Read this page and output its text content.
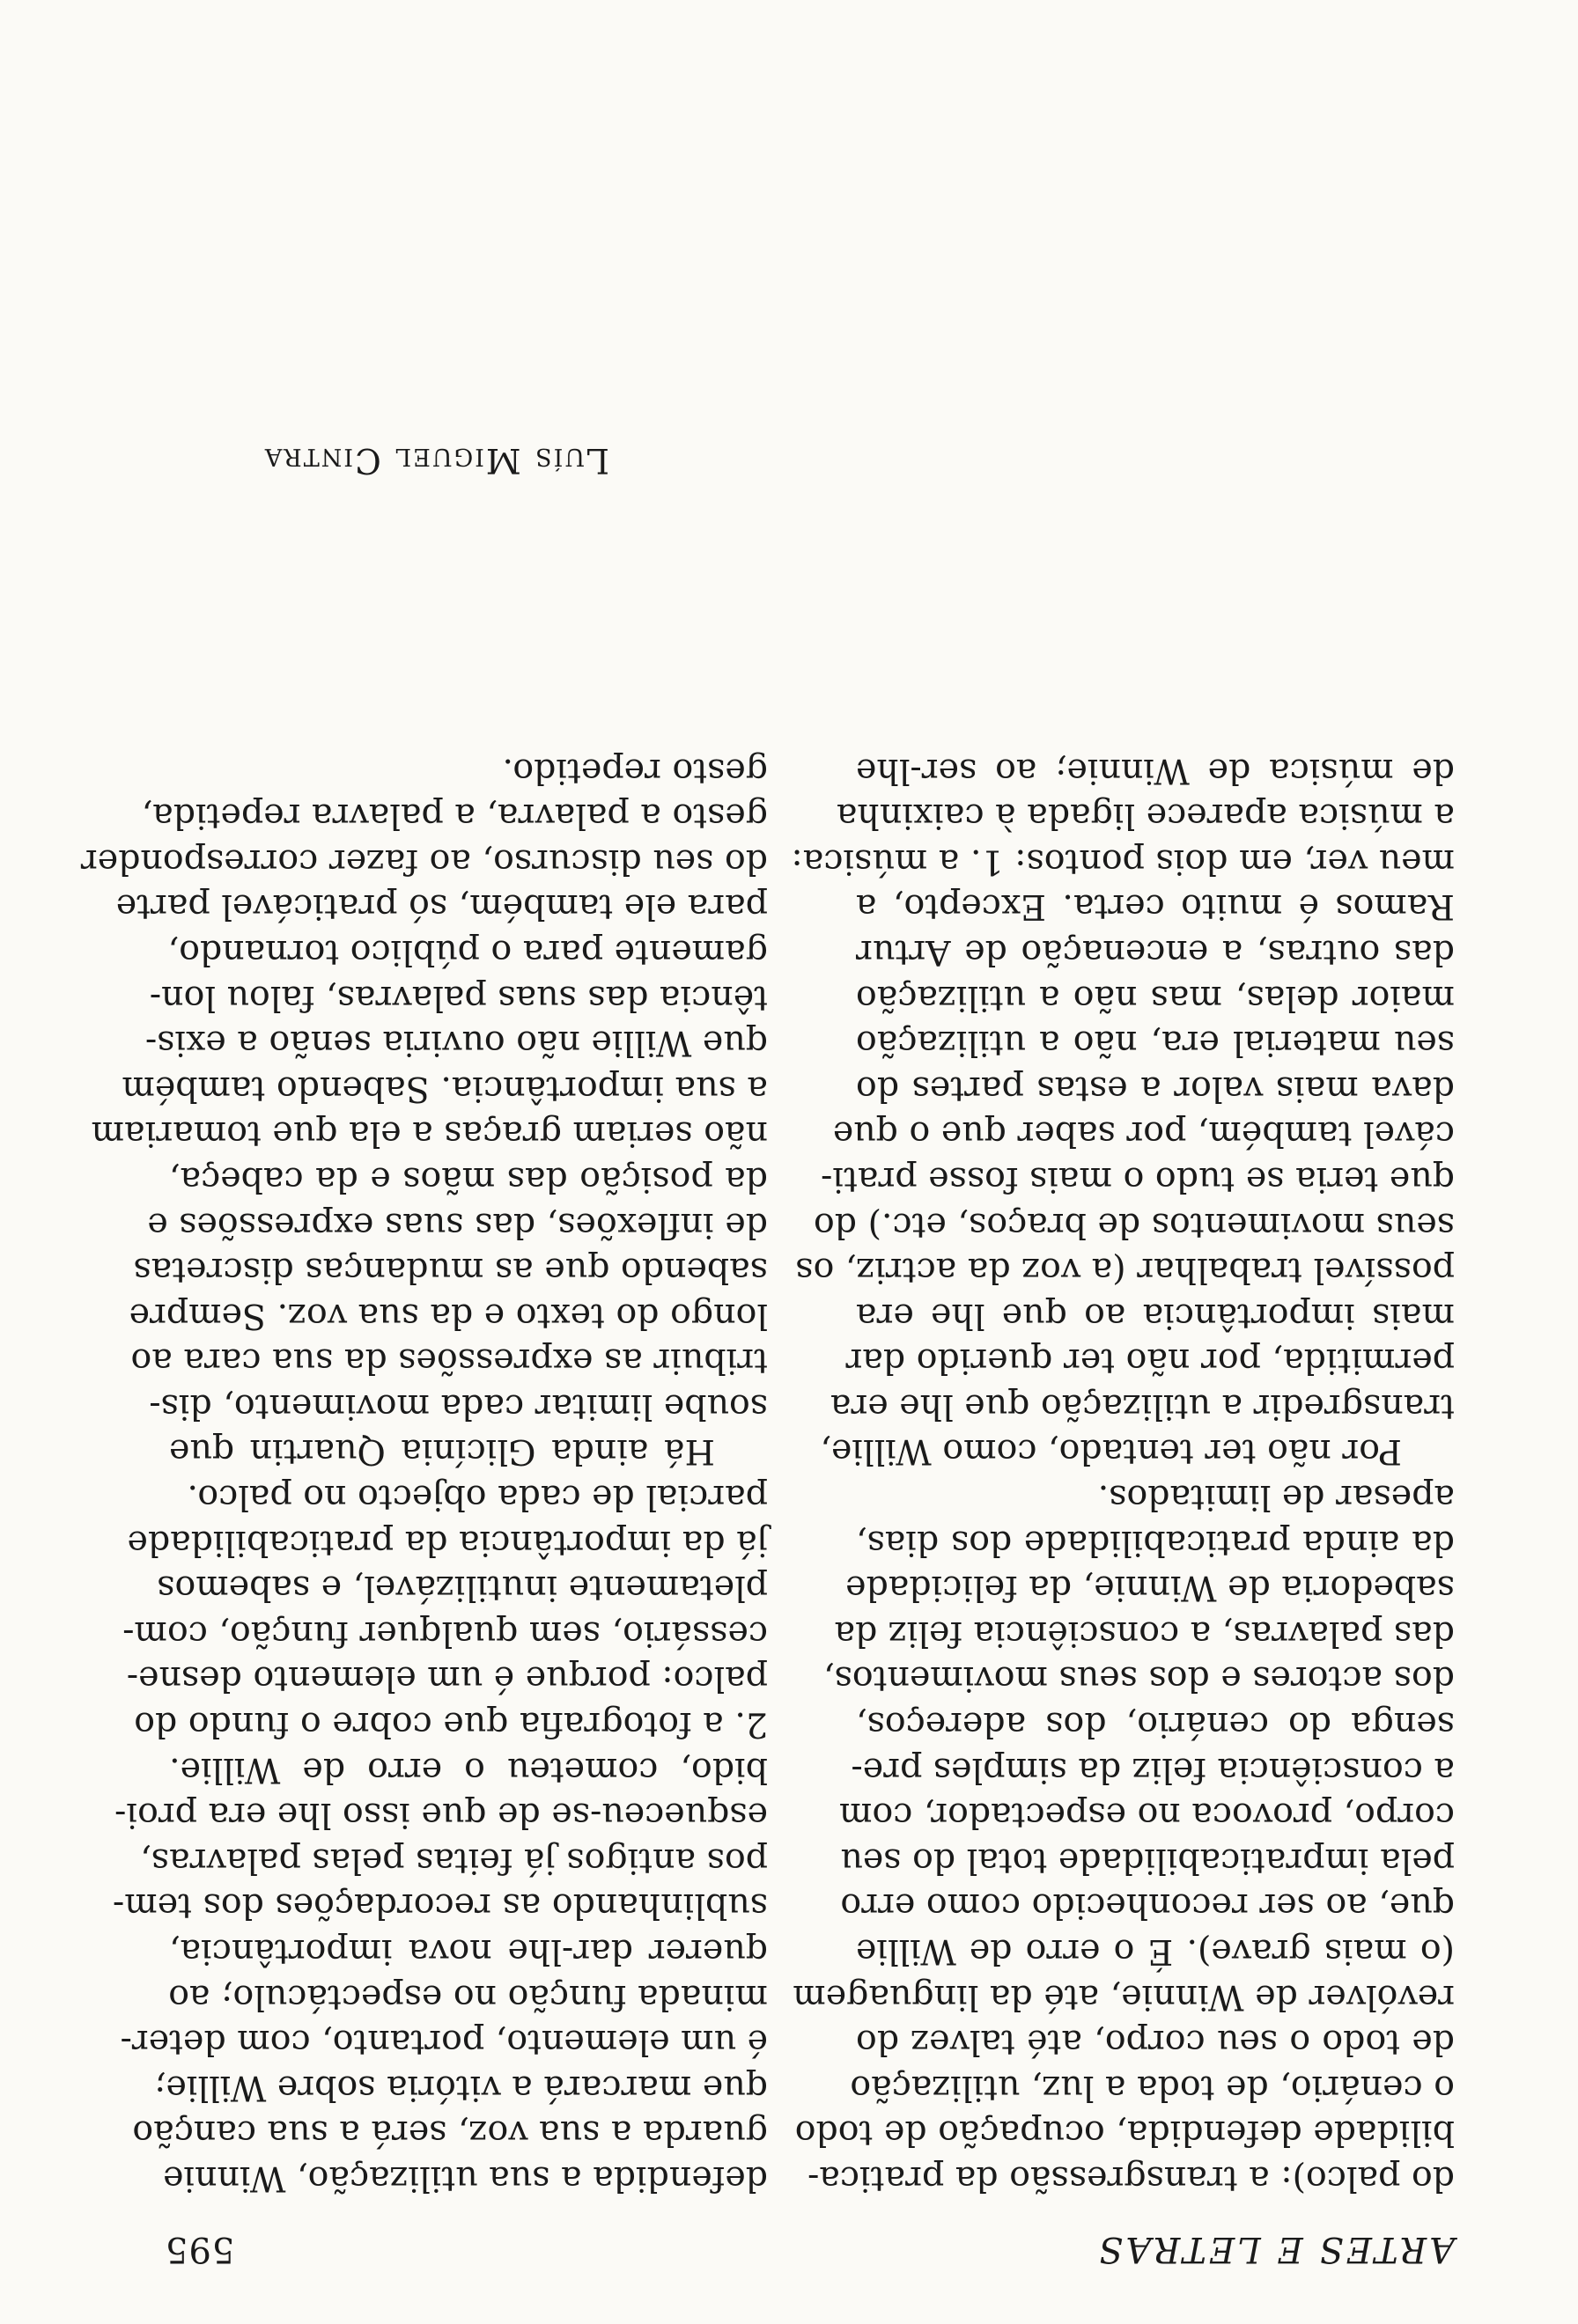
ARTES E LETRAS
595
do palco): a transgressão da pratica-
bilidade defendida, ocupação de todo
o cenário, de toda a luz, utilização
de todo o seu corpo, até talvez do
revólver de Winnie, até da linguagem
(o mais grave). É o erro de Willie
que, ao ser reconhecido como erro
pela impraticabilidade total do seu
corpo, provoca no espectador, com
a consciência feliz da simples pre-
senga do cenário, dos adereços,
dos actores e dos seus movimentos,
das palavras, a consciência feliz da
sabedoria de Winnie, da felicidade
da ainda praticabilidade dos dias,
apesar de limitados.
Por não ter tentado, como Willie,
transgredir a utilização que lhe era
permitida, por não ter querido dar
mais importância ao que lhe era
possível trabalhar (a voz da actriz, os
seus movimentos de braços, etc.) do
que teria se tudo o mais fosse prati-
cável também, por saber que o que
dava mais valor a estas partes do
seu material era, não a utilização
maior delas, mas não a utilização
das outras, a encenação de Artur
Ramos é muito certa. Excepto, a
meu ver, em dois pontos: 1. a música:
a música aparece ligada à caixinha
de música de Winnie; ao ser-lhe
defendida a sua utilização, Winnie
guarda a sua voz, será a sua canção
que marcará a vitória sobre Willie;
é um elemento, portanto, com deter-
minada função no espectáculo; ao
querer dar-lhe nova importância,
sublinhando as recordações dos tem-
pos antigos já feitas pelas palavras,
esqueceu-se de que isso lhe era proi-
bido, cometeu o erro de Willie.
2. a fotografia que cobre o fundo do
palco: porque é um elemento desne-
cessário, sem qualquer função, com-
pletamente inutilizável, e sabemos
já da importância da praticabilidade
parcial de cada objecto no palco.
Há ainda Glicínia Quartin que
soube limitar cada movimento, dis-
tribuir as expressões da sua cara ao
longo do texto e da sua voz. Sempre
sabendo que as mudanças discretas
de inflexões, das suas expressões e
da posição das mãos e da cabeça,
não seriam graças a ela que tomariam
a sua importância. Sabendo também
que Willie não ouviria senão a exis-
tência das suas palavras, falou lon-
gamente para o público tornando,
para ele também, só praticável parte
do seu discurso, ao fazer corresponder
gesto a palavra, a palavra repetida,
gesto repetido.
Luís Miguel Cintra
